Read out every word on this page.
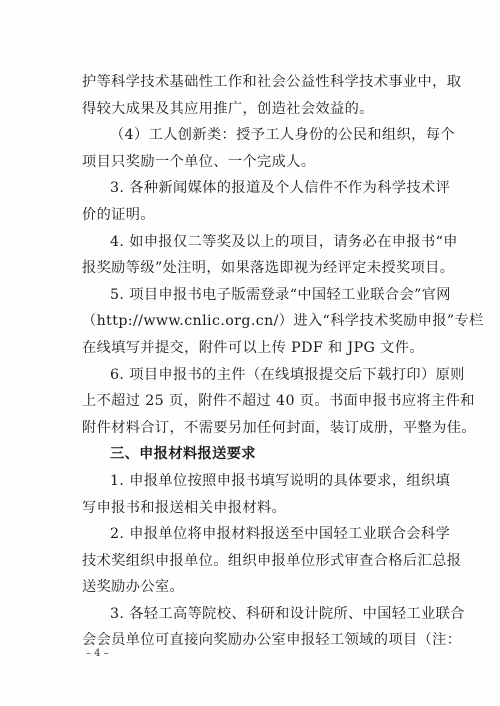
护等科学技术基础性工作和社会公益性科学技术事业中，取
得较大成果及其应用推广，创造社会效益的。
（4）工人创新类：授予工人身份的公民和组织，每个
项目只奖励一个单位、一个完成人。
3. 各种新闻媒体的报道及个人信件不作为科学技术评
价的证明。
4. 如申报仅二等奖及以上的项目，请务必在申报书“申
报奖励等级”处注明，如果落选即视为经评定未授奖项目。
5. 项目申报书电子版需登录“中国轻工业联合会”官网
（http://www.cnlic.org.cn/）进入“科学技术奖励申报”专栏
在线填写并提交，附件可以上传 PDF 和 JPG 文件。
6. 项目申报书的主件（在线填报提交后下载打印）原则
上不超过 25 页，附件不超过 40 页。书面申报书应将主件和
附件材料合订，不需要另加任何封面，装订成册，平整为佳。
三、申报材料报送要求
1. 申报单位按照申报书填写说明的具体要求，组织填
写申报书和报送相关申报材料。
2. 申报单位将申报材料报送至中国轻工业联合会科学
技术奖组织申报单位。组织申报单位形式审查合格后汇总报
送奖励办公室。
3. 各轻工高等院校、科研和设计院所、中国轻工业联合
会会员单位可直接向奖励办公室申报轻工领域的项目（注：
– 4 –
